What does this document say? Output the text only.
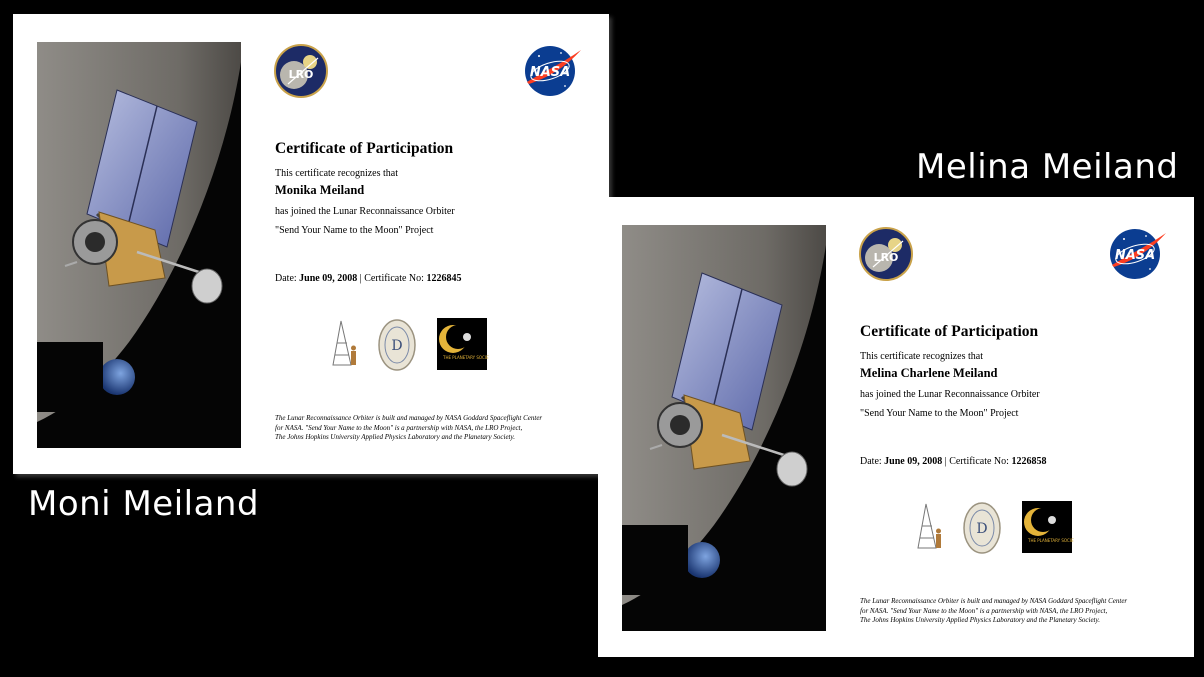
Melina Meiland
Moni Meiland
LRO	NASA
Certificate of Participation
This certificate recognizes that
Monika Meiland
has joined the Lunar Reconnaissance Orbiter
"Send Your Name to the Moon" Project
Date: June 09, 2008 | Certificate No: 1226845
D
THE PLANETARY SOCIETY
The Lunar Reconnaissance Orbiter is built and managed by NASA Goddard Spaceflight Center
for NASA. "Send Your Name to the Moon" is a partnership with NASA, the LRO Project,
The Johns Hopkins University Applied Physics Laboratory and the Planetary Society.
LRO	NASA
Certificate of Participation
This certificate recognizes that
Melina Charlene Meiland
has joined the Lunar Reconnaissance Orbiter
"Send Your Name to the Moon" Project
Date: June 09, 2008 | Certificate No: 1226858
D
THE PLANETARY SOCIETY
The Lunar Reconnaissance Orbiter is built and managed by NASA Goddard Spaceflight Center
for NASA. "Send Your Name to the Moon" is a partnership with NASA, the LRO Project,
The Johns Hopkins University Applied Physics Laboratory and the Planetary Society.
